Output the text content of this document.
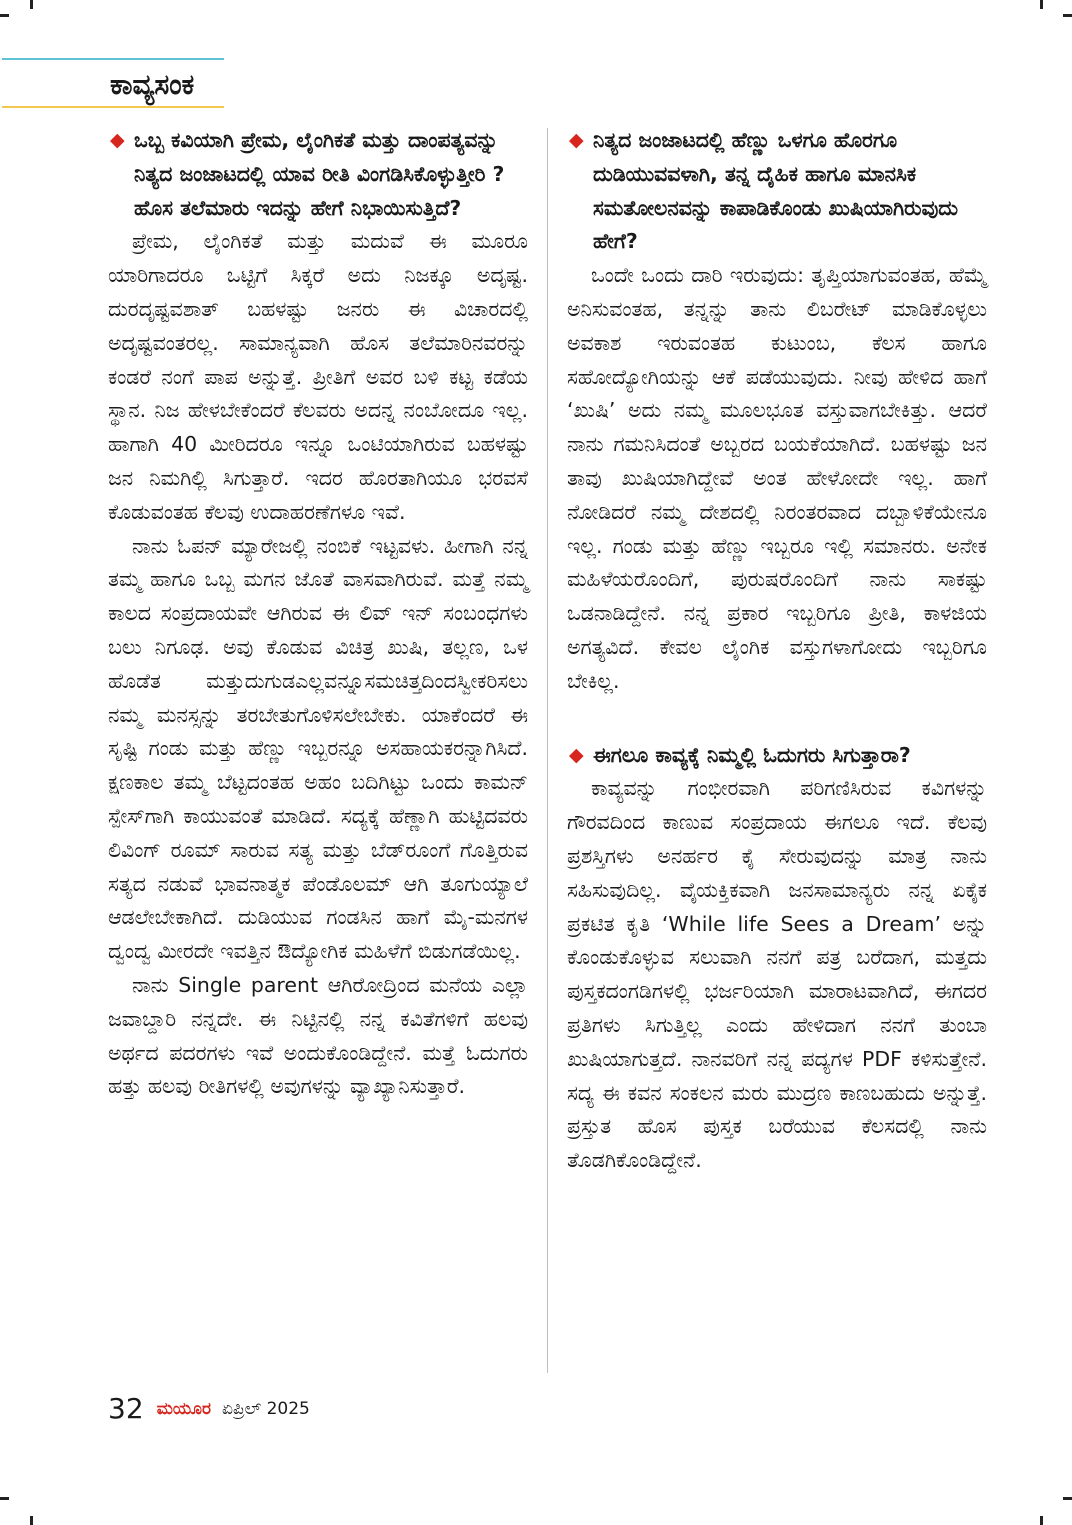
ಕಾವ್ಯಸಂಕ

◆ ಒಬ್ಬ ಕವಿಯಾಗಿ ಪ್ರೇಮ, ಲೈಂಗಿಕತೆ ಮತ್ತು ದಾಂಪತ್ಯವನ್ನು ನಿತ್ಯದ ಜಂಜಾಟದಲ್ಲಿ ಯಾವ ರೀತಿ ವಿಂಗಡಿಸಿಕೊಳ್ಳುತ್ತೀರಿ ? ಹೊಸ ತಲೆಮಾರು ಇದನ್ನು ಹೇಗೆ ನಿಭಾಯಿಸುತ್ತಿದೆ?

ಪ್ರೇಮ, ಲೈಂಗಿಕತೆ ಮತ್ತು ಮದುವೆ ಈ ಮೂರೂ ಯಾರಿಗಾದರೂ ಒಟ್ಟಿಗೆ ಸಿಕ್ಕರೆ ಅದು ನಿಜಕ್ಕೂ ಅದೃಷ್ಟ. ದುರದೃಷ್ಟವಶಾತ್ ಬಹಳಷ್ಟು ಜನರು ಈ ವಿಚಾರದಲ್ಲಿ ಅದೃಷ್ಟವಂತರಲ್ಲ. ಸಾಮಾನ್ಯವಾಗಿ ಹೊಸ ತಲೆಮಾರಿನವರನ್ನು ಕಂಡರೆ ನಂಗೆ ಪಾಪ ಅನ್ನುತ್ತೆ. ಪ್ರೀತಿಗೆ ಅವರ ಬಳಿ ಕಟ್ಟ ಕಡೆಯ ಸ್ಥಾನ. ನಿಜ ಹೇಳಬೇಕೆಂದರೆ ಕೆಲವರು ಅದನ್ನ ನಂಬೋದೂ ಇಲ್ಲ. ಹಾಗಾಗಿ 40 ಮೀರಿದರೂ ಇನ್ನೂ ಒಂಟಿಯಾಗಿರುವ ಬಹಳಷ್ಟು ಜನ ನಿಮಗಿಲ್ಲಿ ಸಿಗುತ್ತಾರೆ. ಇದರ ಹೊರತಾಗಿಯೂ ಭರವಸೆ ಕೊಡುವಂತಹ ಕೆಲವು ಉದಾಹರಣೆಗಳೂ ಇವೆ.

ನಾನು ಓಪನ್ ಮ್ಯಾರೇಜಲ್ಲಿ ನಂಬಿಕೆ ಇಟ್ಟವಳು. ಹೀಗಾಗಿ ನನ್ನ ತಮ್ಮ ಹಾಗೂ ಒಬ್ಬ ಮಗನ ಜೊತೆ ವಾಸವಾಗಿರುವೆ. ಮತ್ತೆ ನಮ್ಮ ಕಾಲದ ಸಂಪ್ರದಾಯವೇ ಆಗಿರುವ ಈ ಲಿವ್ ಇನ್ ಸಂಬಂಧಗಳು ಬಲು ನಿಗೂಢ. ಅವು ಕೊಡುವ ವಿಚಿತ್ರ ಖುಷಿ, ತಲ್ಲಣ, ಒಳ ಹೊಡೆತ ಮತ್ತುದುಗುಡಎಲ್ಲವನ್ನೂಸಮಚಿತ್ತದಿಂದಸ್ವೀಕರಿಸಲು ನಮ್ಮ ಮನಸ್ಸನ್ನು ತರಬೇತುಗೊಳಿಸಲೇಬೇಕು. ಯಾಕೆಂದರೆ ಈ ಸೃಷ್ಟಿ ಗಂಡು ಮತ್ತು ಹೆಣ್ಣು ಇಬ್ಬರನ್ನೂ ಅಸಹಾಯಕರನ್ನಾಗಿಸಿದೆ. ಕ್ಷಣಕಾಲ ತಮ್ಮ ಬೆಟ್ಟದಂತಹ ಅಹಂ ಬದಿಗಿಟ್ಟು ಒಂದು ಕಾಮನ್ ಸ್ಪೇಸ್‌ಗಾಗಿ ಕಾಯುವಂತೆ ಮಾಡಿದೆ. ಸದ್ಯಕ್ಕೆ ಹೆಣ್ಣಾಗಿ ಹುಟ್ಟಿದವರು ಲಿವಿಂಗ್ ರೂಮ್ ಸಾರುವ ಸತ್ಯ ಮತ್ತು ಬೆಡ್‌ರೂಂಗೆ ಗೊತ್ತಿರುವ ಸತ್ಯದ ನಡುವೆ ಭಾವನಾತ್ಮಕ ಪೆಂಡೊಲಮ್ ಆಗಿ ತೂಗುಯ್ಯಾಲೆ ಆಡಲೇಬೇಕಾಗಿದೆ. ದುಡಿಯುವ ಗಂಡಸಿನ ಹಾಗೆ ಮೈ-ಮನಗಳ ದ್ವಂದ್ವ ಮೀರದೇ ಇವತ್ತಿನ ಔದ್ಯೋಗಿಕ ಮಹಿಳೆಗೆ ಬಿಡುಗಡೆಯಿಲ್ಲ.

ನಾನು Single parent ಆಗಿರೋದ್ರಿಂದ ಮನೆಯ ಎಲ್ಲಾ ಜವಾಬ್ದಾರಿ ನನ್ನದೇ. ಈ ನಿಟ್ಟಿನಲ್ಲಿ ನನ್ನ ಕವಿತೆಗಳಿಗೆ ಹಲವು ಅರ್ಥದ ಪದರಗಳು ಇವೆ ಅಂದುಕೊಂಡಿದ್ದೇನೆ. ಮತ್ತೆ ಓದುಗರು ಹತ್ತು ಹಲವು ರೀತಿಗಳಲ್ಲಿ ಅವುಗಳನ್ನು ವ್ಯಾಖ್ಯಾನಿಸುತ್ತಾರೆ.

◆ ನಿತ್ಯದ ಜಂಜಾಟದಲ್ಲಿ ಹೆಣ್ಣು ಒಳಗೂ ಹೊರಗೂ ದುಡಿಯುವವಳಾಗಿ, ತನ್ನ ದೈಹಿಕ ಹಾಗೂ ಮಾನಸಿಕ ಸಮತೋಲನವನ್ನು ಕಾಪಾಡಿಕೊಂಡು ಖುಷಿಯಾಗಿರುವುದು ಹೇಗೆ?

ಒಂದೇ ಒಂದು ದಾರಿ ಇರುವುದು: ತೃಪ್ತಿಯಾಗುವಂತಹ, ಹೆಮ್ಮೆ ಅನಿಸುವಂತಹ, ತನ್ನನ್ನು ತಾನು ಲಿಬರೇಟ್ ಮಾಡಿಕೊಳ್ಳಲು ಅವಕಾಶ ಇರುವಂತಹ ಕುಟುಂಬ, ಕೆಲಸ ಹಾಗೂ ಸಹೋದ್ಯೋಗಿಯನ್ನು ಆಕೆ ಪಡೆಯುವುದು. ನೀವು ಹೇಳಿದ ಹಾಗೆ ‘ಖುಷಿ’ ಅದು ನಮ್ಮ ಮೂಲಭೂತ ವಸ್ತುವಾಗಬೇಕಿತ್ತು. ಆದರೆ ನಾನು ಗಮನಿಸಿದಂತೆ ಅಬ್ಬರದ ಬಯಕೆಯಾಗಿದೆ. ಬಹಳಷ್ಟು ಜನ ತಾವು ಖುಷಿಯಾಗಿದ್ದೇವೆ ಅಂತ ಹೇಳೋದೇ ಇಲ್ಲ. ಹಾಗೆ ನೋಡಿದರೆ ನಮ್ಮ ದೇಶದಲ್ಲಿ ನಿರಂತರವಾದ ದಬ್ಬಾಳಿಕೆಯೇನೂ ಇಲ್ಲ. ಗಂಡು ಮತ್ತು ಹೆಣ್ಣು ಇಬ್ಬರೂ ಇಲ್ಲಿ ಸಮಾನರು. ಅನೇಕ ಮಹಿಳೆಯರೊಂದಿಗೆ, ಪುರುಷರೊಂದಿಗೆ ನಾನು ಸಾಕಷ್ಟು ಒಡನಾಡಿದ್ದೇನೆ. ನನ್ನ ಪ್ರಕಾರ ಇಬ್ಬರಿಗೂ ಪ್ರೀತಿ, ಕಾಳಜಿಯ ಅಗತ್ಯವಿದೆ. ಕೇವಲ ಲೈಂಗಿಕ ವಸ್ತುಗಳಾಗೋದು ಇಬ್ಬರಿಗೂ ಬೇಕಿಲ್ಲ.

◆ ಈಗಲೂ ಕಾವ್ಯಕ್ಕೆ ನಿಮ್ಮಲ್ಲಿ ಓದುಗರು ಸಿಗುತ್ತಾರಾ?

ಕಾವ್ಯವನ್ನು ಗಂಭೀರವಾಗಿ ಪರಿಗಣಿಸಿರುವ ಕವಿಗಳನ್ನು ಗೌರವದಿಂದ ಕಾಣುವ ಸಂಪ್ರದಾಯ ಈಗಲೂ ಇದೆ. ಕೆಲವು ಪ್ರಶಸ್ತಿಗಳು ಅನರ್ಹರ ಕೈ ಸೇರುವುದನ್ನು ಮಾತ್ರ ನಾನು ಸಹಿಸುವುದಿಲ್ಲ. ವೈಯಕ್ತಿಕವಾಗಿ ಜನಸಾಮಾನ್ಯರು ನನ್ನ ಏಕೈಕ ಪ್ರಕಟಿತ ಕೃತಿ ‘While life Sees a Dream’ ಅನ್ನು ಕೊಂಡುಕೊಳ್ಳುವ ಸಲುವಾಗಿ ನನಗೆ ಪತ್ರ ಬರೆದಾಗ, ಮತ್ತದು ಪುಸ್ತಕದಂಗಡಿಗಳಲ್ಲಿ ಭರ್ಜರಿಯಾಗಿ ಮಾರಾಟವಾಗಿದೆ, ಈಗದರ ಪ್ರತಿಗಳು ಸಿಗುತ್ತಿಲ್ಲ ಎಂದು ಹೇಳಿದಾಗ ನನಗೆ ತುಂಬಾ ಖುಷಿಯಾಗುತ್ತದೆ. ನಾನವರಿಗೆ ನನ್ನ ಪದ್ಯಗಳ PDF ಕಳಿಸುತ್ತೇನೆ. ಸದ್ಯ ಈ ಕವನ ಸಂಕಲನ ಮರು ಮುದ್ರಣ ಕಾಣಬಹುದು ಅನ್ನುತ್ತೆ. ಪ್ರಸ್ತುತ ಹೊಸ ಪುಸ್ತಕ ಬರೆಯುವ ಕೆಲಸದಲ್ಲಿ ನಾನು ತೊಡಗಿಕೊಂಡಿದ್ದೇನೆ.

32 ಮಯೂರ ಏಪ್ರಿಲ್ 2025
